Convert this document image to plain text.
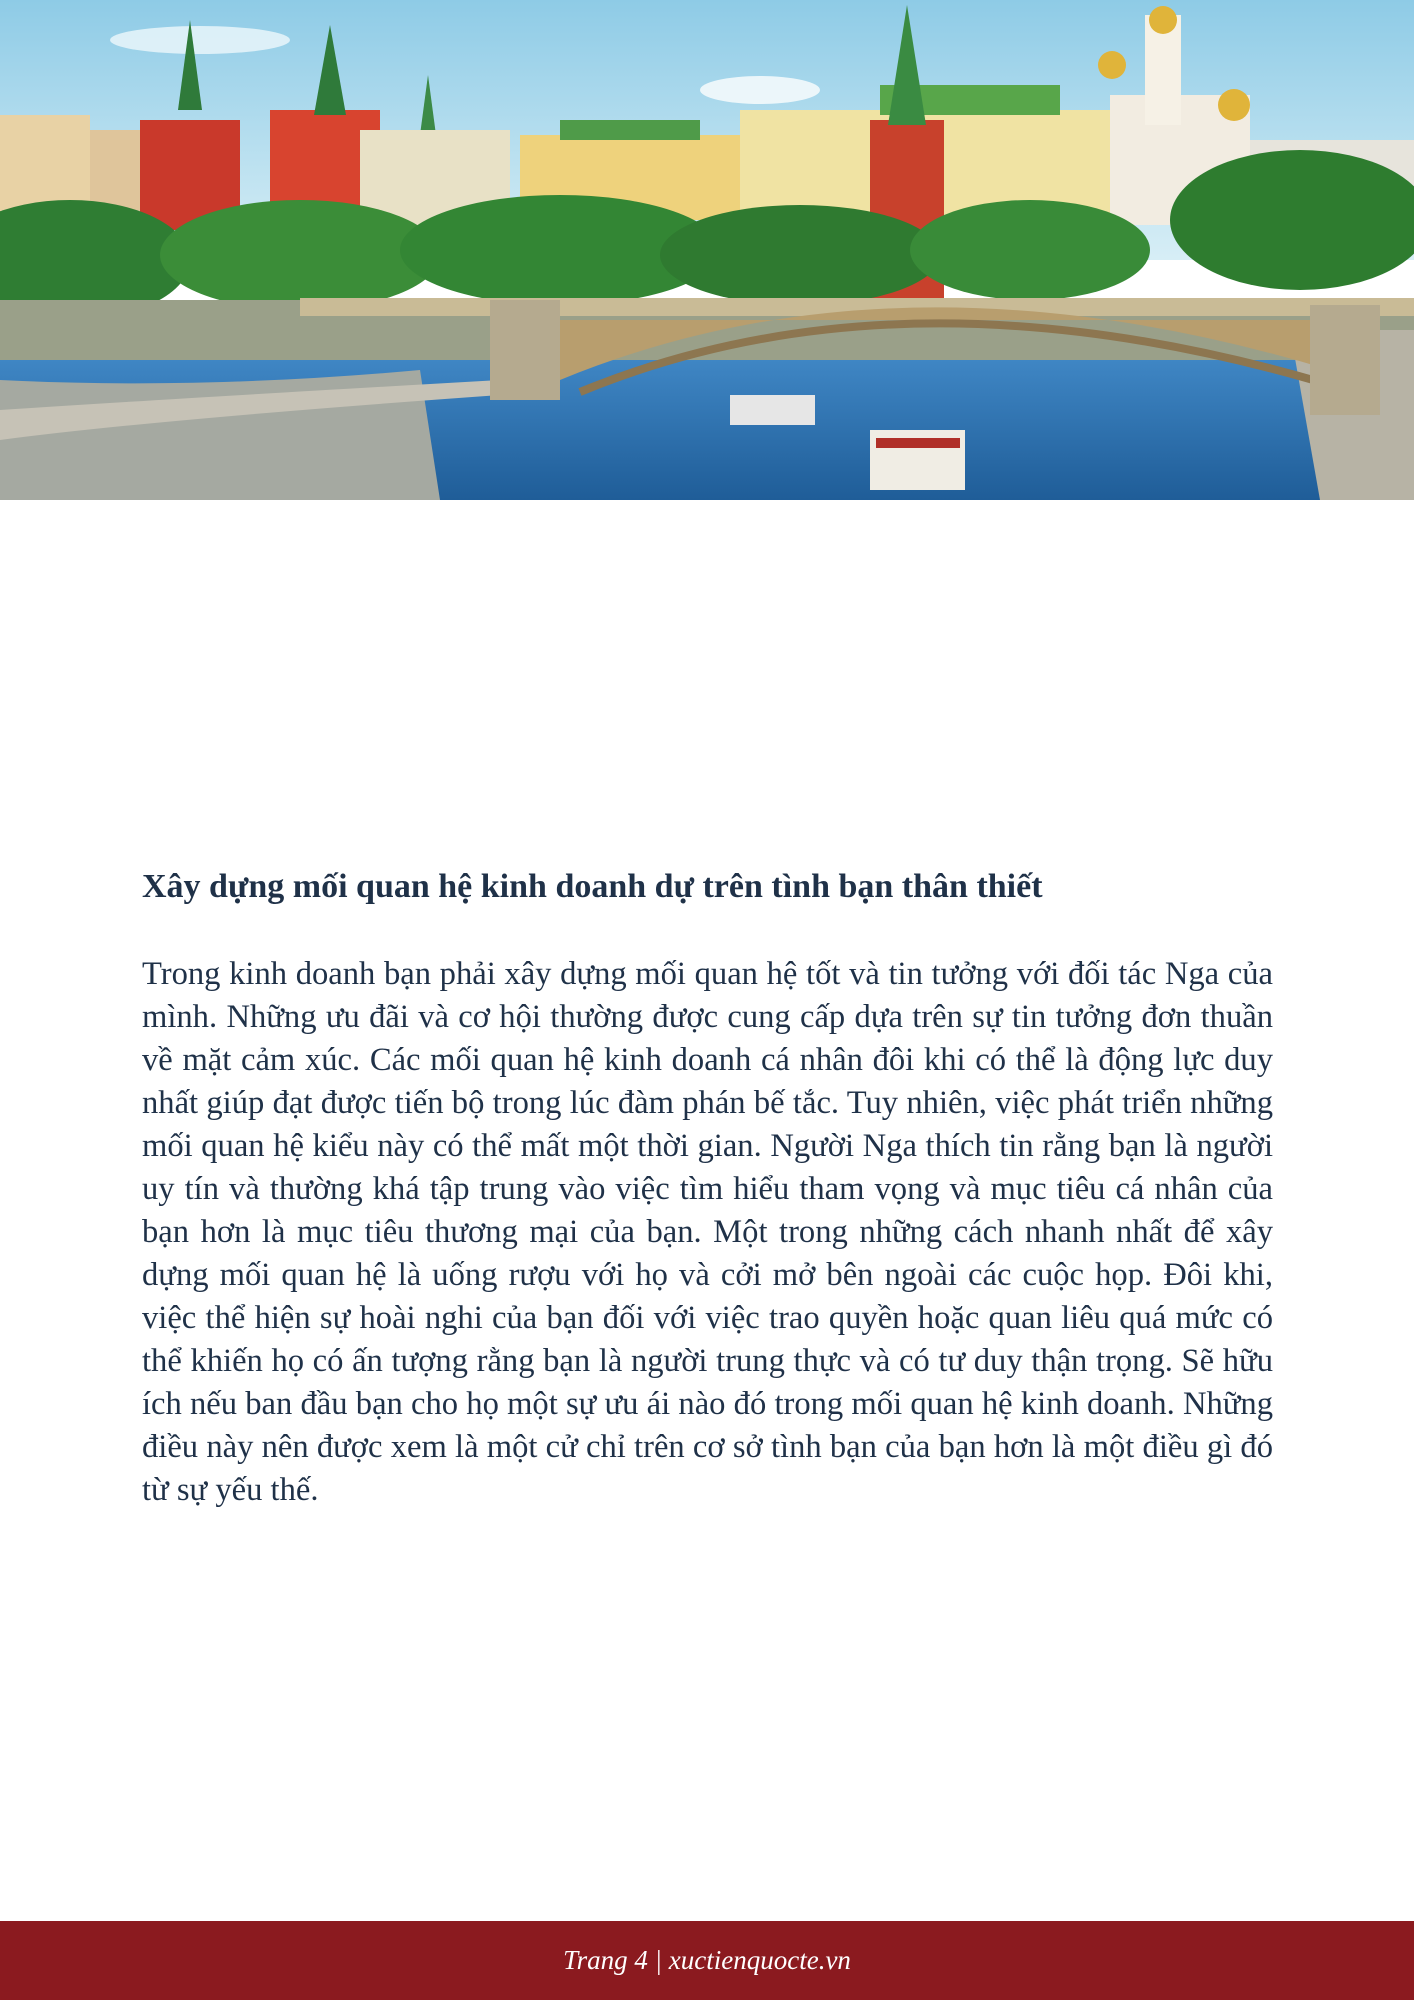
Xây dựng mối quan hệ kinh doanh dự trên tình bạn thân thiết

Trong kinh doanh bạn phải xây dựng mối quan hệ tốt và tin tưởng với đối tác Nga của mình. Những ưu đãi và cơ hội thường được cung cấp dựa trên sự tin tưởng đơn thuần về mặt cảm xúc. Các mối quan hệ kinh doanh cá nhân đôi khi có thể là động lực duy nhất giúp đạt được tiến bộ trong lúc đàm phán bế tắc. Tuy nhiên, việc phát triển những mối quan hệ kiểu này có thể mất một thời gian. Người Nga thích tin rằng bạn là người uy tín và thường khá tập trung vào việc tìm hiểu tham vọng và mục tiêu cá nhân của bạn hơn là mục tiêu thương mại của bạn. Một trong những cách nhanh nhất để xây dựng mối quan hệ là uống rượu với họ và cởi mở bên ngoài các cuộc họp. Đôi khi, việc thể hiện sự hoài nghi của bạn đối với việc trao quyền hoặc quan liêu quá mức có thể khiến họ có ấn tượng rằng bạn là người trung thực và có tư duy thận trọng. Sẽ hữu ích nếu ban đầu bạn cho họ một sự ưu ái nào đó trong mối quan hệ kinh doanh. Những điều này nên được xem là một cử chỉ trên cơ sở tình bạn của bạn hơn là một điều gì đó từ sự yếu thế.

Trang 4 | xuctienquocte.vn
